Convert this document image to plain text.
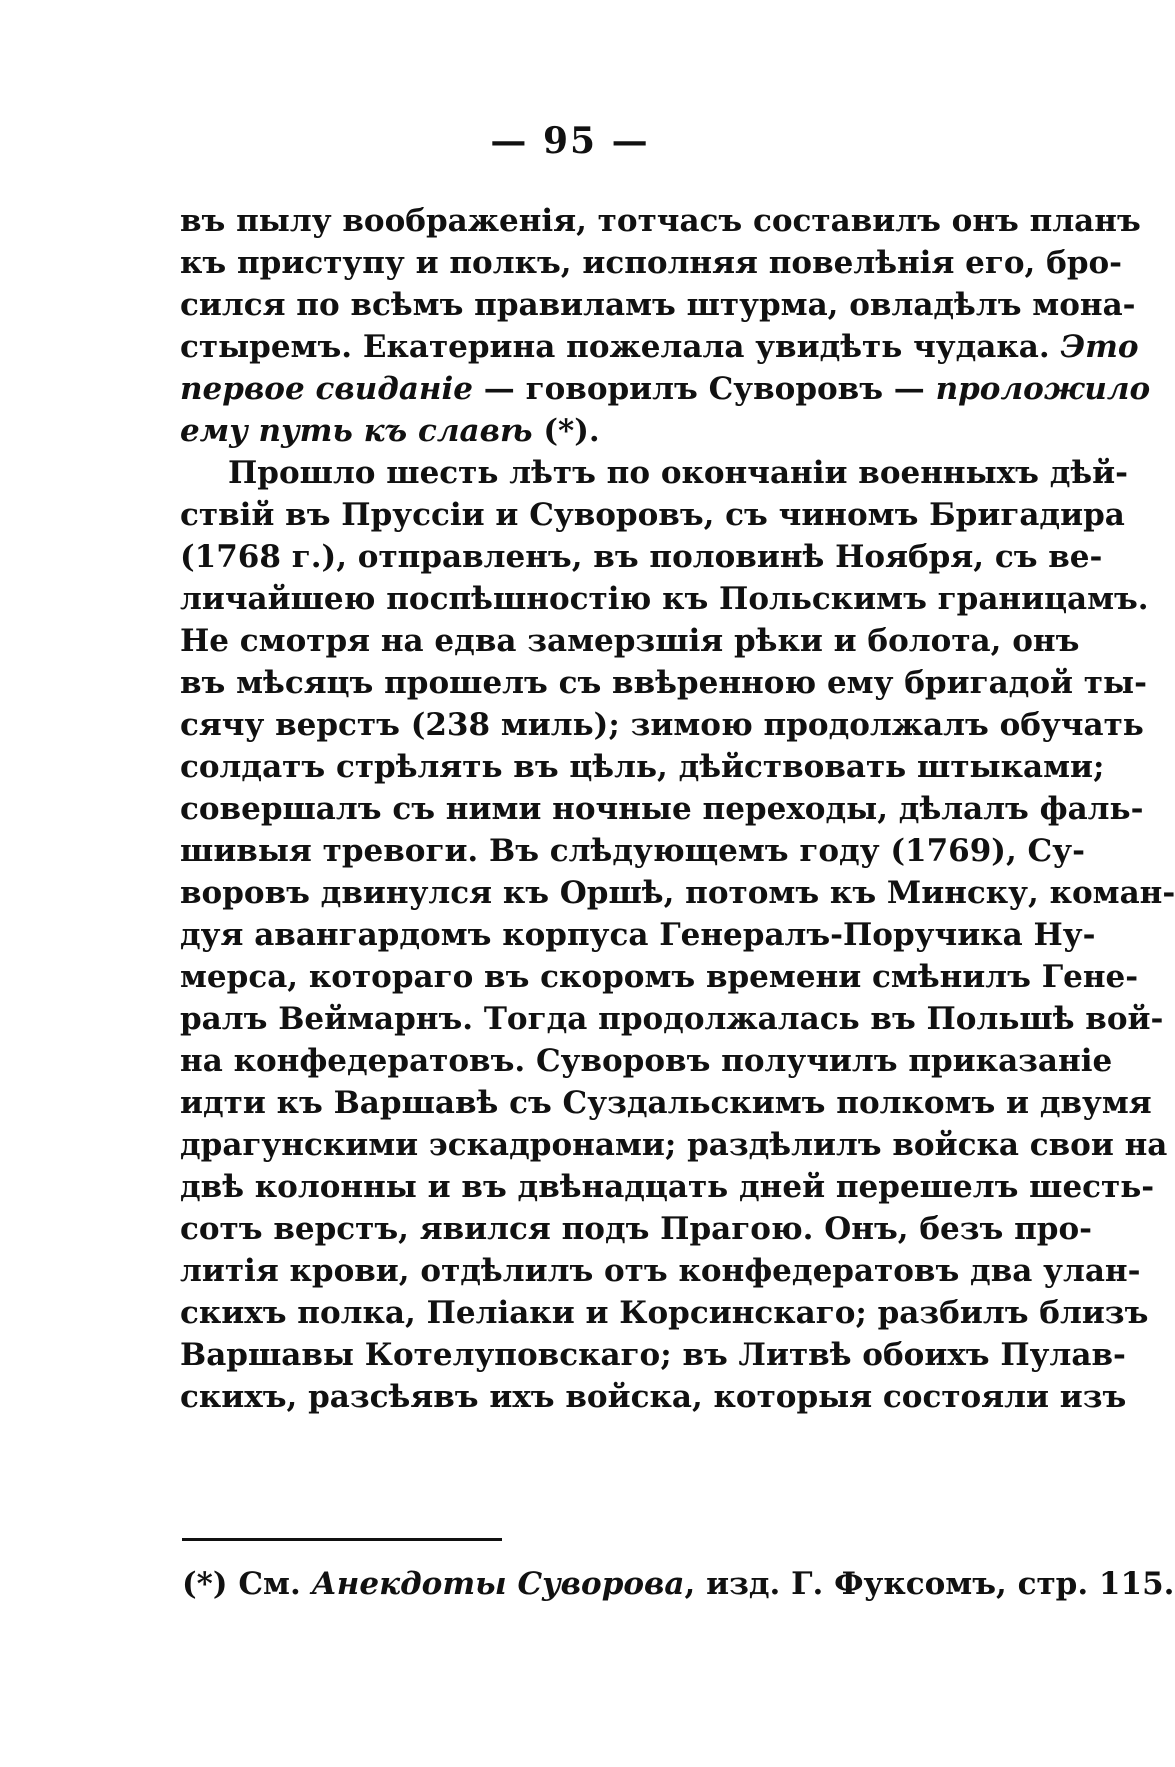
— 95 —
въ пылу воображенія, тотчасъ составилъ онъ планъ
къ приступу и полкъ, исполняя повелѣнія его, бро-
сился по всѣмъ правиламъ штурма, овладѣлъ мона-
стыремъ. Екатерина пожелала увидѣть чудака. Это
первое свиданіе — говорилъ Суворовъ — проложило
ему путь къ славѣ (*).
Прошло шесть лѣтъ по окончаніи военныхъ дѣй-
ствій въ Пруссіи и Суворовъ, съ чиномъ Бригадира
(1768 г.), отправленъ, въ половинѣ Ноября, съ ве-
личайшею поспѣшностію къ Польскимъ границамъ.
Не смотря на едва замерзшія рѣки и болота, онъ
въ мѣсяцъ прошелъ съ ввѣренною ему бригадой ты-
сячу верстъ (238 миль); зимою продолжалъ обучать
солдатъ стрѣлять въ цѣль, дѣйствовать штыками;
совершалъ съ ними ночные переходы, дѣлалъ фаль-
шивыя тревоги. Въ слѣдующемъ году (1769), Су-
воровъ двинулся къ Оршѣ, потомъ къ Минску, коман-
дуя авангардомъ корпуса Генералъ-Поручика Ну-
мерса, котораго въ скоромъ времени смѣнилъ Гене-
ралъ Веймарнъ. Тогда продолжалась въ Польшѣ вой-
на конфедератовъ. Суворовъ получилъ приказаніе
идти къ Варшавѣ съ Суздальскимъ полкомъ и двумя
драгунскими эскадронами; раздѣлилъ войска свои на
двѣ колонны и въ двѣнадцать дней перешелъ шесть-
сотъ верстъ, явился подъ Прагою. Онъ, безъ про-
литія крови, отдѣлилъ отъ конфедератовъ два улан-
скихъ полка, Пеліаки и Корсинскаго; разбилъ близъ
Варшавы Котелуповскаго; въ Литвѣ обоихъ Пулав-
скихъ, разсѣявъ ихъ войска, которыя состояли изъ
(*) См. Анекдоты Суворова, изд. Г. Фуксомъ, стр. 115.
